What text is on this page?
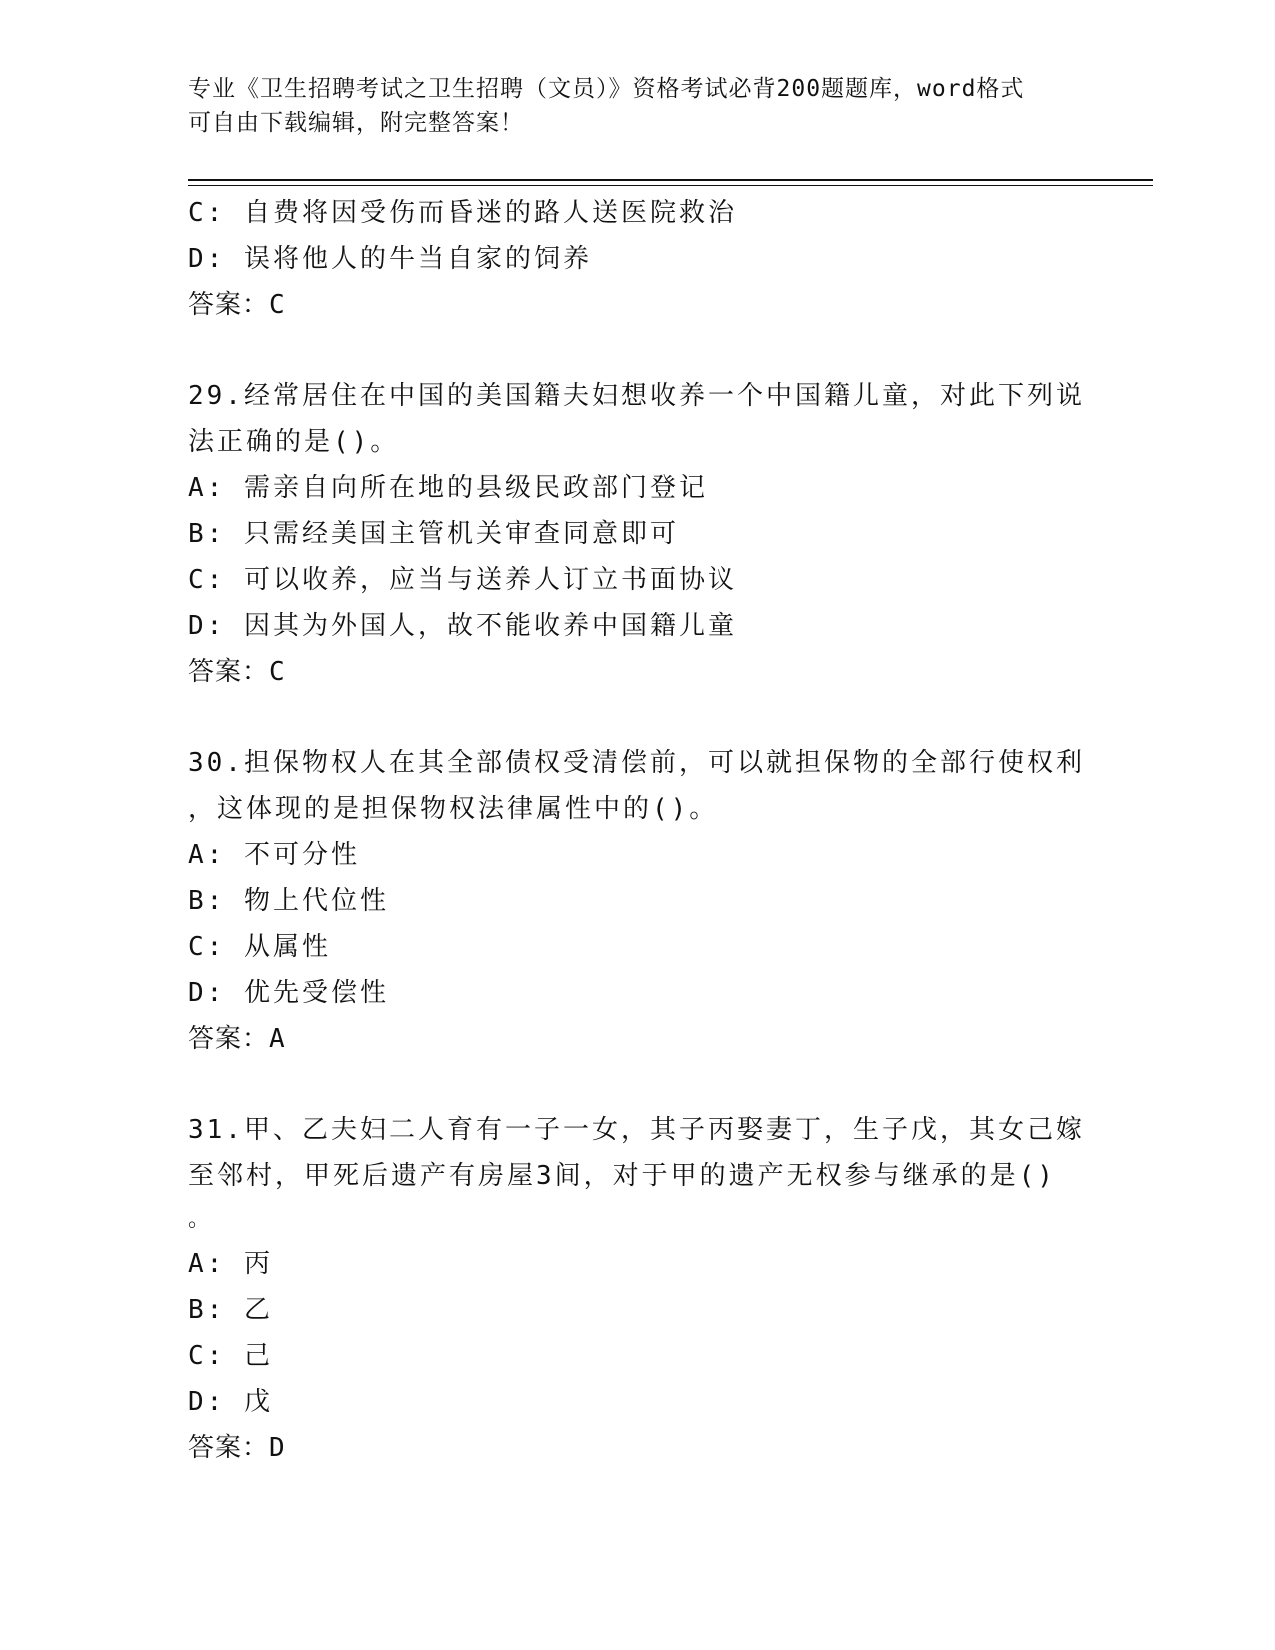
专业《卫生招聘考试之卫生招聘（文员）》资格考试必背200题题库，word格式
可自由下载编辑，附完整答案！
C: 自费将因受伤而昏迷的路人送医院救治
D: 误将他人的牛当自家的饲养
答案：C
29.经常居住在中国的美国籍夫妇想收养一个中国籍儿童，对此下列说
法正确的是()。
A: 需亲自向所在地的县级民政部门登记
B: 只需经美国主管机关审查同意即可
C: 可以收养，应当与送养人订立书面协议
D: 因其为外国人，故不能收养中国籍儿童
答案：C
30.担保物权人在其全部债权受清偿前，可以就担保物的全部行使权利
，这体现的是担保物权法律属性中的()。
A: 不可分性
B: 物上代位性
C: 从属性
D: 优先受偿性
答案：A
31.甲、乙夫妇二人育有一子一女，其子丙娶妻丁，生子戊，其女己嫁
至邻村，甲死后遗产有房屋3间，对于甲的遗产无权参与继承的是()
。
A: 丙
B: 乙
C: 己
D: 戊
答案：D
